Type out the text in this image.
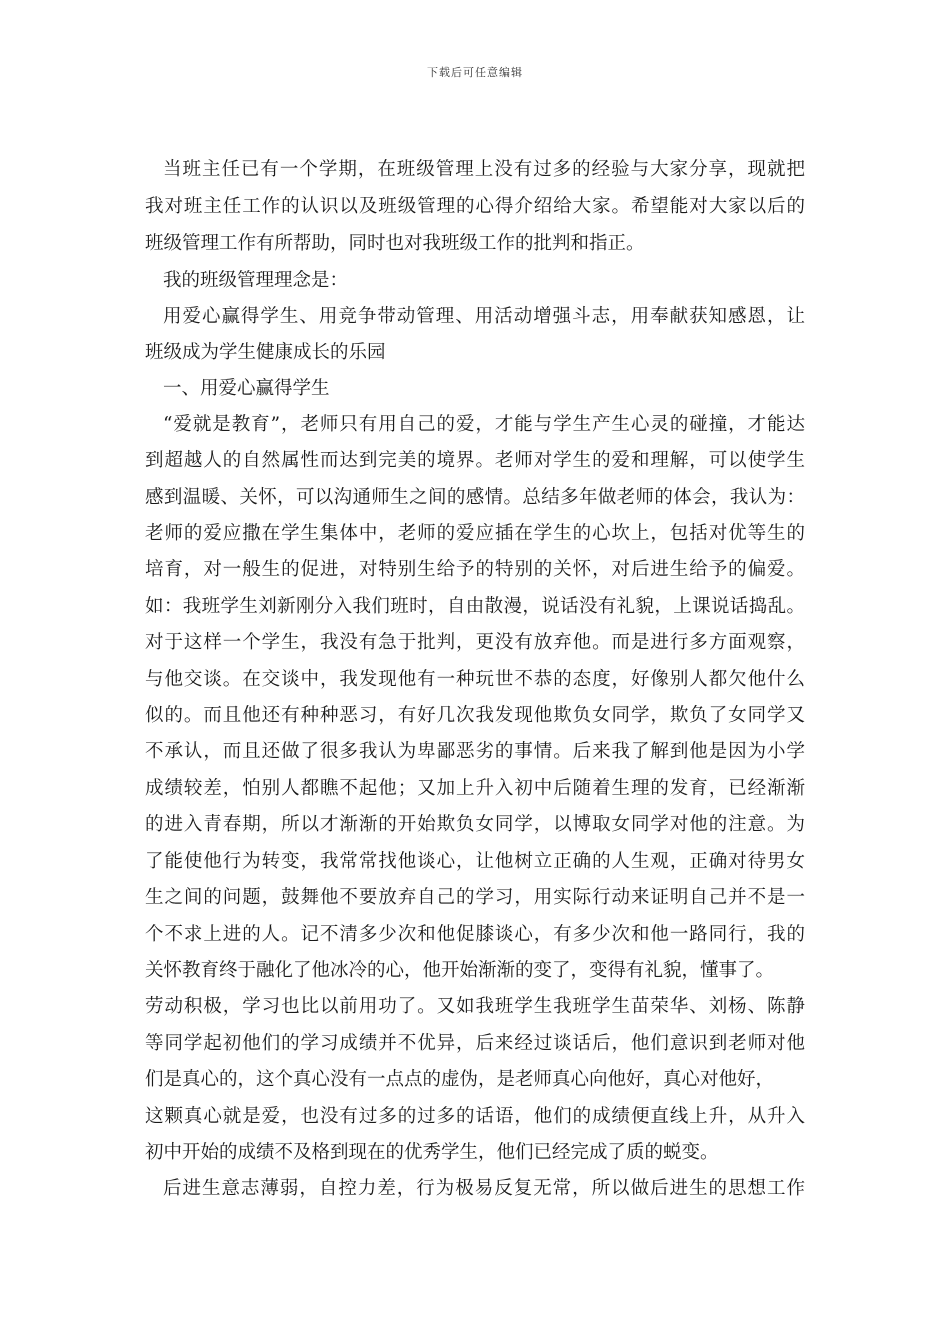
下载后可任意编辑
当班主任已有一个学期，在班级管理上没有过多的经验与大家分享，现就把
我对班主任工作的认识以及班级管理的心得介绍给大家。希望能对大家以后的
班级管理工作有所帮助，同时也对我班级工作的批判和指正。
我的班级管理理念是：
用爱心赢得学生、用竞争带动管理、用活动增强斗志，用奉献获知感恩，让
班级成为学生健康成长的乐园
一、用爱心赢得学生
“爱就是教育”，老师只有用自己的爱，才能与学生产生心灵的碰撞，才能达
到超越人的自然属性而达到完美的境界。老师对学生的爱和理解，可以使学生
感到温暖、关怀，可以沟通师生之间的感情。总结多年做老师的体会，我认为：
老师的爱应撒在学生集体中，老师的爱应插在学生的心坎上，包括对优等生的
培育，对一般生的促进，对特别生给予的特别的关怀，对后进生给予的偏爱。
如：我班学生刘新刚分入我们班时，自由散漫，说话没有礼貌，上课说话捣乱。
对于这样一个学生，我没有急于批判，更没有放弃他。而是进行多方面观察，
与他交谈。在交谈中，我发现他有一种玩世不恭的态度，好像别人都欠他什么
似的。而且他还有种种恶习，有好几次我发现他欺负女同学，欺负了女同学又
不承认，而且还做了很多我认为卑鄙恶劣的事情。后来我了解到他是因为小学
成绩较差，怕别人都瞧不起他；又加上升入初中后随着生理的发育，已经渐渐
的进入青春期，所以才渐渐的开始欺负女同学，以博取女同学对他的注意。为
了能使他行为转变，我常常找他谈心，让他树立正确的人生观，正确对待男女
生之间的问题，鼓舞他不要放弃自己的学习，用实际行动来证明自己并不是一
个不求上进的人。记不清多少次和他促膝谈心，有多少次和他一路同行，我的
关怀教育终于融化了他冰冷的心，他开始渐渐的变了，变得有礼貌，懂事了。
劳动积极，学习也比以前用功了。又如我班学生我班学生苗荣华、刘杨、陈静
等同学起初他们的学习成绩并不优异，后来经过谈话后，他们意识到老师对他
们是真心的，这个真心没有一点点的虚伪，是老师真心向他好，真心对他好，
这颗真心就是爱，也没有过多的过多的话语，他们的成绩便直线上升，从升入
初中开始的成绩不及格到现在的优秀学生，他们已经完成了质的蜕变。
后进生意志薄弱，自控力差，行为极易反复无常，所以做后进生的思想工作
